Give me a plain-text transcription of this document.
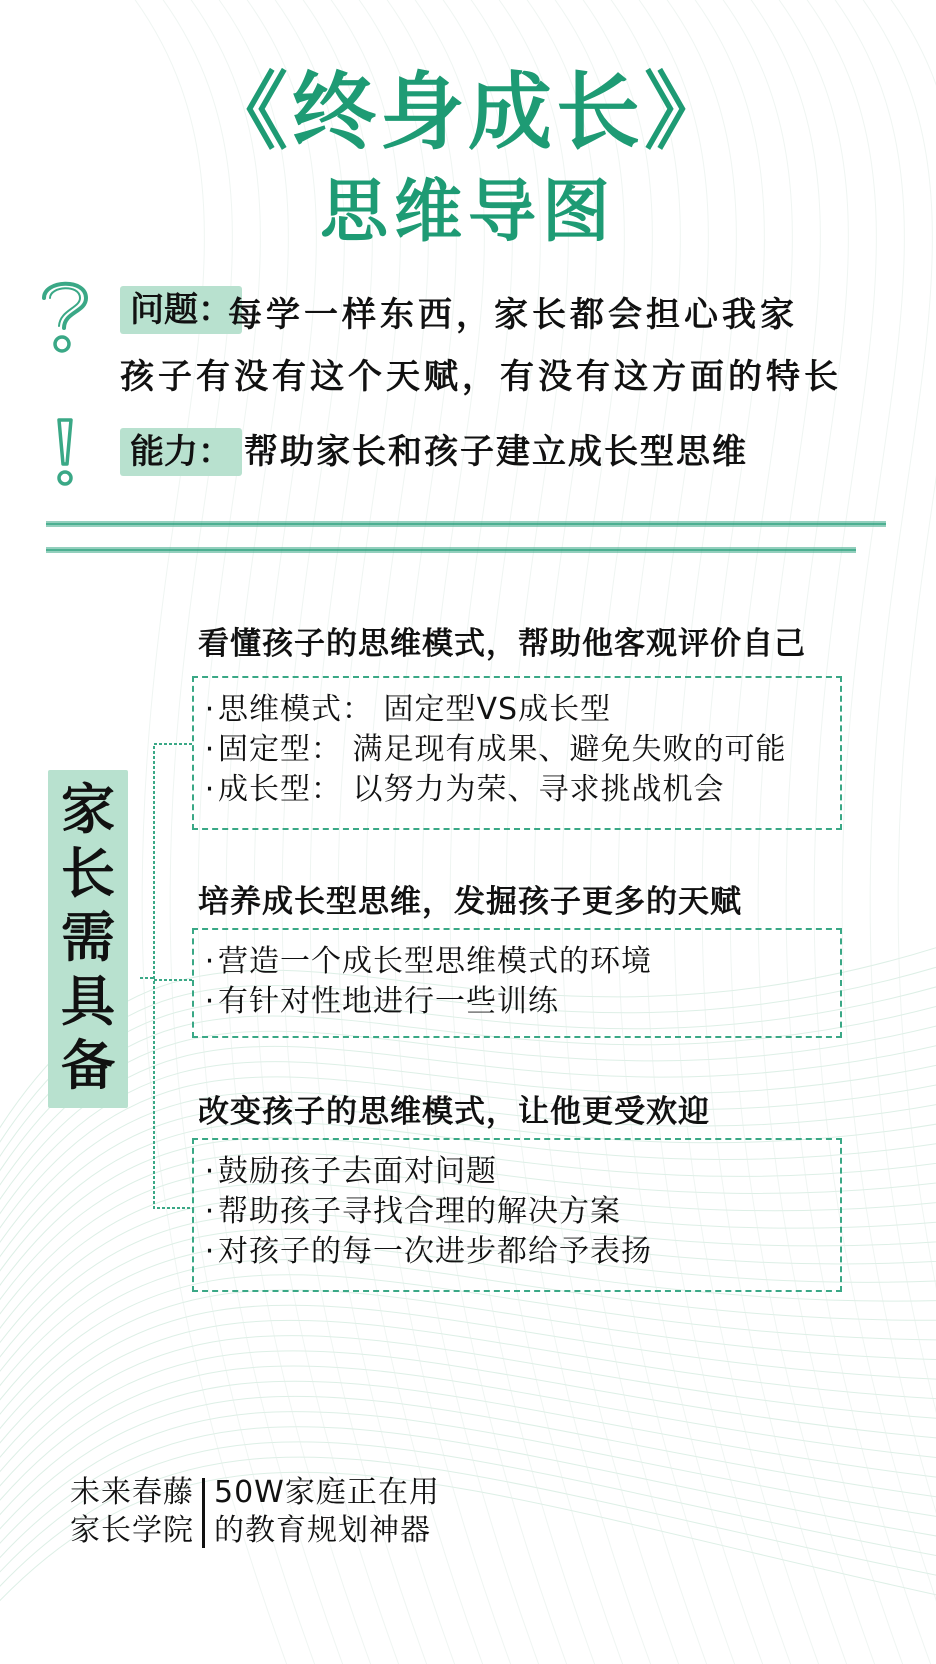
《终身成长》
思维导图
问题：
每学一样东西，家长都会担心我家
孩子有没有这个天赋，有没有这方面的特长
能力： 帮助家长和孩子建立成长型思维
家
长
需
具
备
看懂孩子的思维模式，帮助他客观评价自己
·思维模式： 固定型VS成长型
·固定型： 满足现有成果、避免失败的可能
·成长型： 以努力为荣、寻求挑战机会
培养成长型思维，发掘孩子更多的天赋
·营造一个成长型思维模式的环境
·有针对性地进行一些训练
改变孩子的思维模式，让他更受欢迎
·鼓励孩子去面对问题
·帮助孩子寻找合理的解决方案
·对孩子的每一次进步都给予表扬
未来春藤
家长学院
50W家庭正在用
的教育规划神器
